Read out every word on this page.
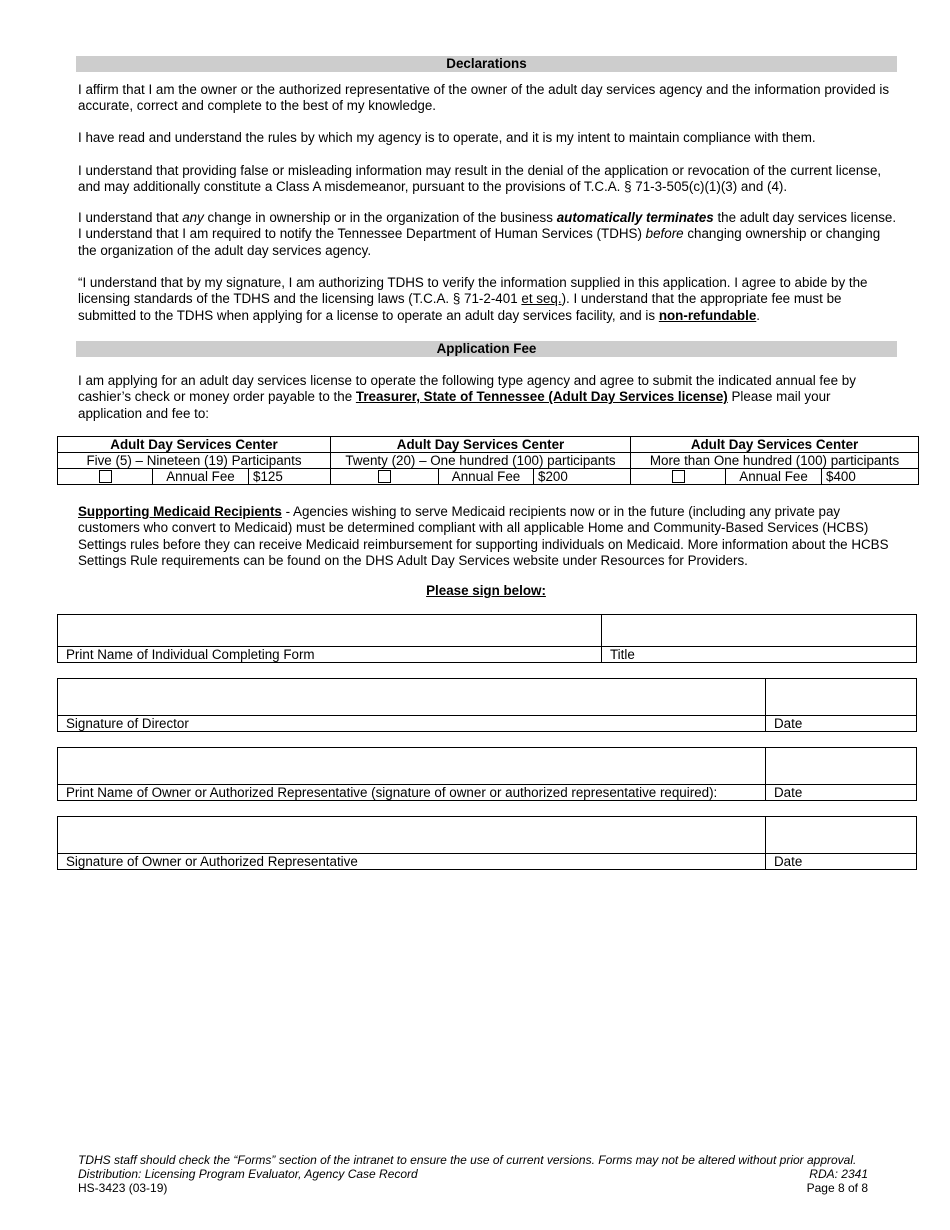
Declarations

I affirm that I am the owner or the authorized representative of the owner of the adult day services agency and the information provided is accurate, correct and complete to the best of my knowledge.

I have read and understand the rules by which my agency is to operate, and it is my intent to maintain compliance with them.

I understand that providing false or misleading information may result in the denial of the application or revocation of the current license, and may additionally constitute a Class A misdemeanor, pursuant to the provisions of T.C.A. § 71-3-505(c)(1)(3) and (4).

I understand that any change in ownership or in the organization of the business automatically terminates the adult day services license. I understand that I am required to notify the Tennessee Department of Human Services (TDHS) before changing ownership or changing the organization of the adult day services agency.

“I understand that by my signature, I am authorizing TDHS to verify the information supplied in this application. I agree to abide by the licensing standards of the TDHS and the licensing laws (T.C.A. § 71-2-401 et seq.). I understand that the appropriate fee must be submitted to the TDHS when applying for a license to operate an adult day services facility, and is non-refundable.

Application Fee

I am applying for an adult day services license to operate the following type agency and agree to submit the indicated annual fee by cashier’s check or money order payable to the Treasurer, State of Tennessee (Adult Day Services license) Please mail your application and fee to:

Adult Day Services Center			Adult Day Services Center			Adult Day Services Center		
Five (5) – Nineteen (19) Participants			Twenty (20) – One hundred (100) participants			More than One hundred (100) participants		
	Annual Fee	$125		Annual Fee	$200		Annual Fee	$400

Supporting Medicaid Recipients - Agencies wishing to serve Medicaid recipients now or in the future (including any private pay customers who convert to Medicaid) must be determined compliant with all applicable Home and Community-Based Services (HCBS) Settings rules before they can receive Medicaid reimbursement for supporting individuals on Medicaid. More information about the HCBS Settings Rule requirements can be found on the DHS Adult Day Services website under Resources for Providers.

Please sign below:
Print Name of Individual Completing Form	Title
Signature of Director	Date
Print Name of Owner or Authorized Representative (signature of owner or authorized representative required):	Date
Signature of Owner or Authorized Representative	Date
TDHS staff should check the “Forms” section of the intranet to ensure the use of current versions. Forms may not be altered without prior approval.
Distribution: Licensing Program Evaluator, Agency Case Record	RDA: 2341
HS-3423 (03-19)	Page 8 of 8
